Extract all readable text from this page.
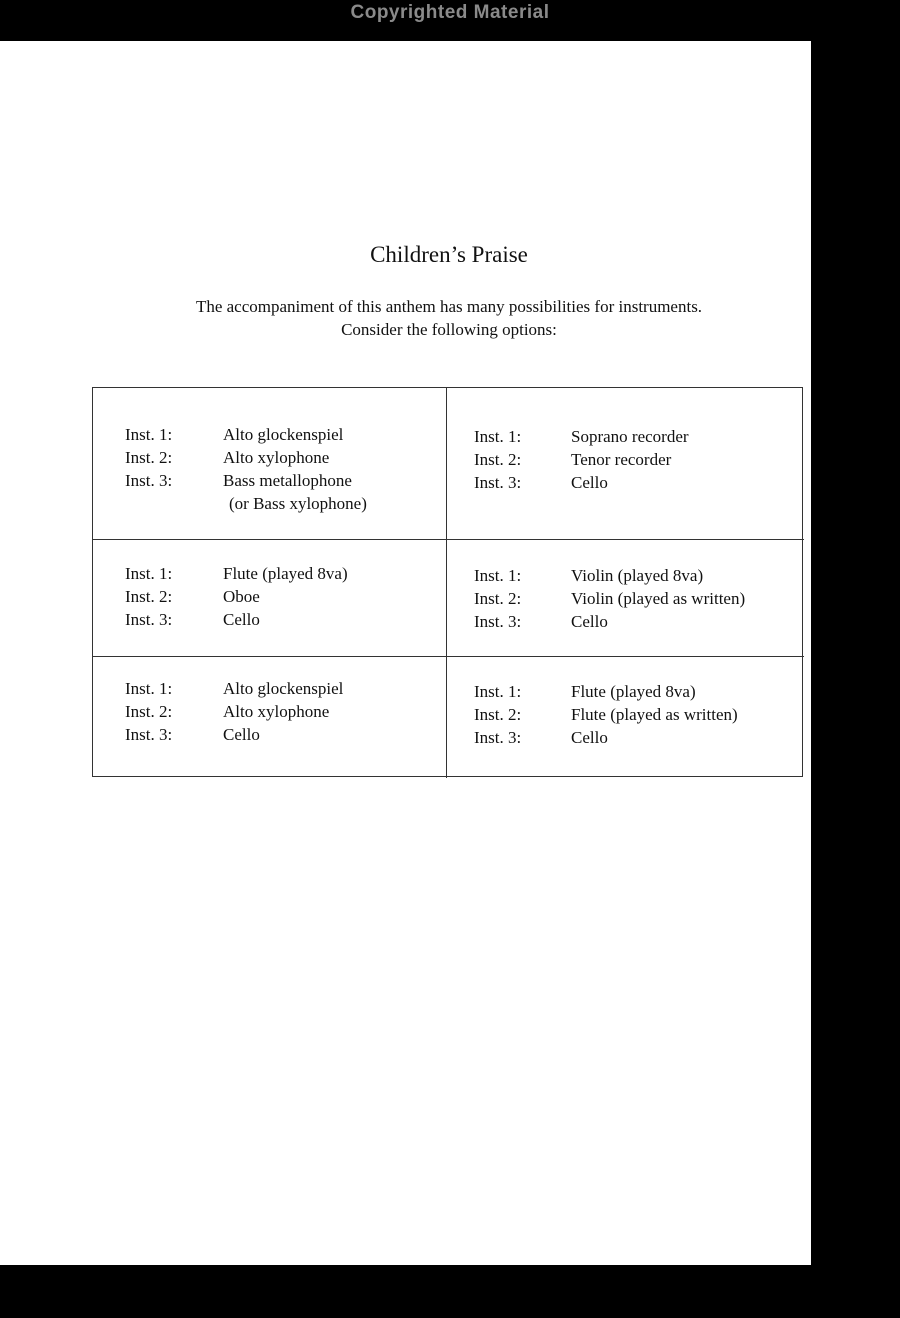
Copyrighted Material
Children’s Praise

The accompaniment of this anthem has many possibilities for instruments.
Consider the following options:

Inst. 1:	Alto glockenspiel
Inst. 2:	Alto xylophone
Inst. 3:	Bass metallophone
(or Bass xylophone)
Inst. 1:	Soprano recorder
Inst. 2:	Tenor recorder
Inst. 3:	Cello
Inst. 1:	Flute (played 8va)
Inst. 2:	Oboe
Inst. 3:	Cello
Inst. 1:	Violin (played 8va)
Inst. 2:	Violin (played as written)
Inst. 3:	Cello
Inst. 1:	Alto glockenspiel
Inst. 2:	Alto xylophone
Inst. 3:	Cello
Inst. 1:	Flute (played 8va)
Inst. 2:	Flute (played as written)
Inst. 3:	Cello
